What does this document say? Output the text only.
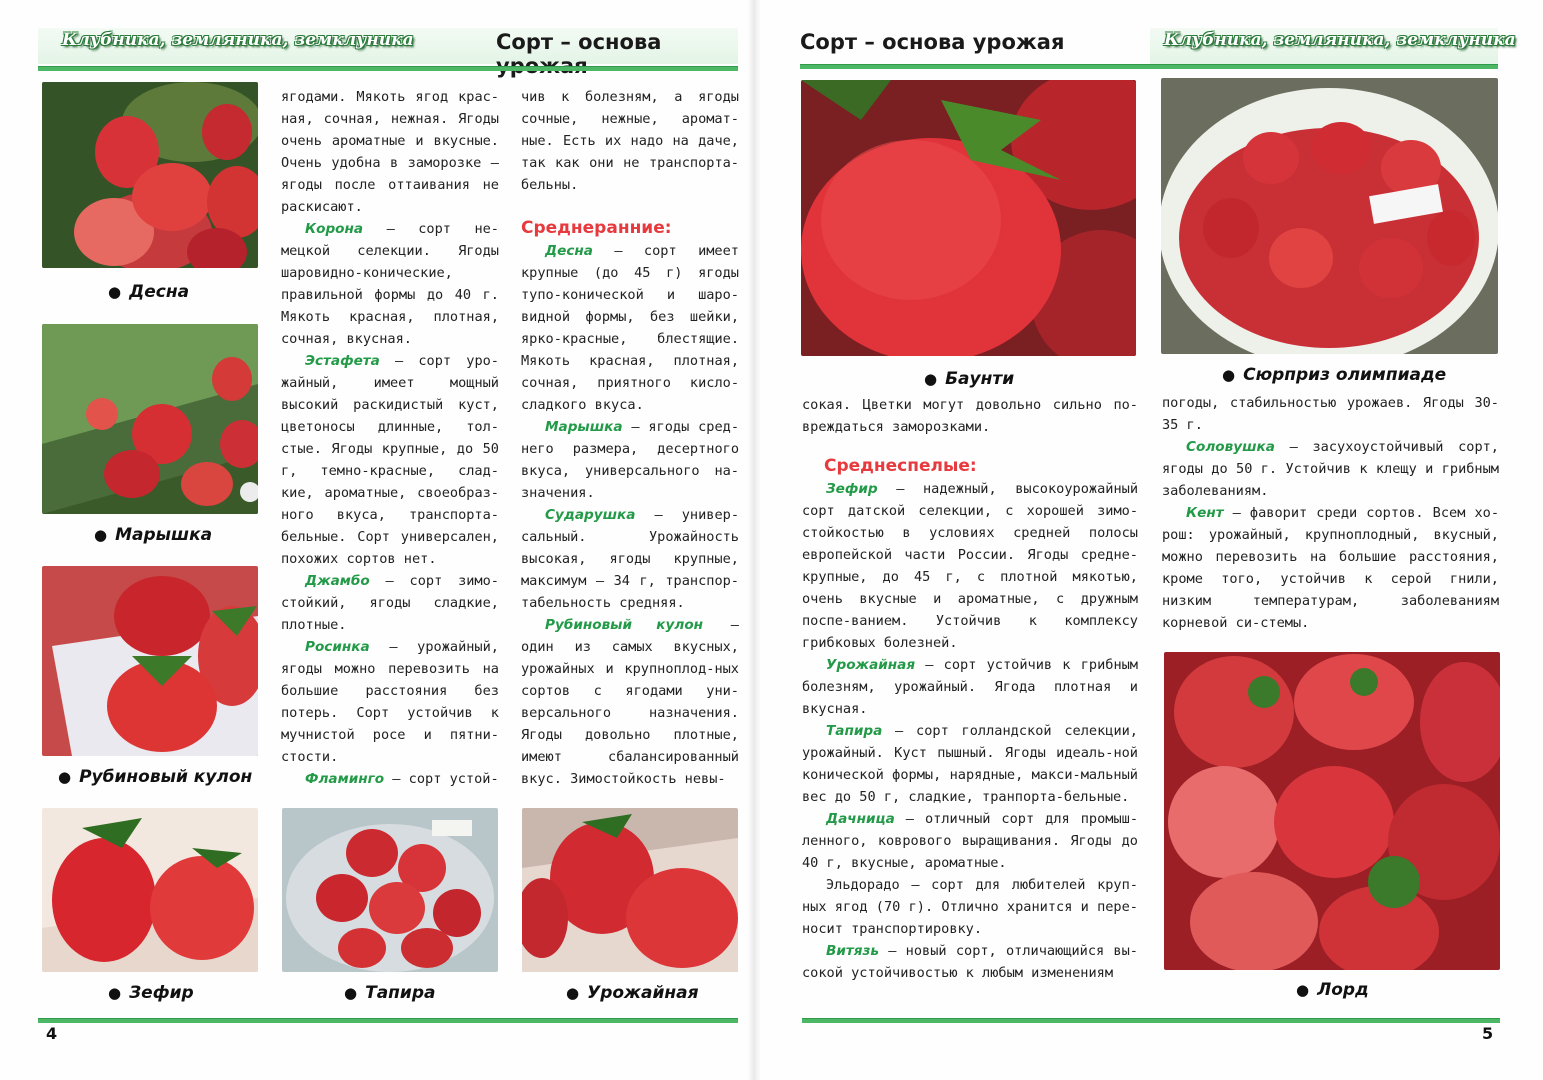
Клубника, земляника, земклуника	Сорт – основа
● Десна
● Марышка
● Рубиновый кулон
● Зефир	● Тапира	● Урожайная

ягодами. Мякоть ягод крас-ная, сочная, нежная. Ягоды очень ароматные и вкусные. Очень удобна в заморозке – ягоды после оттаивания не раскисают.

Корона – сорт не-мецкой селекции. Ягоды шаровидно-конические, правильной формы до 40 г. Мякоть красная, плотная, сочная, вкусная.

Эстафета – сорт уро-жайный, имеет мощный высокий раскидистый куст, цветоносы длинные, тол-стые. Ягоды крупные, до 50 г, темно-красные, слад-кие, ароматные, своеобраз-ного вкуса, транспорта-бельные. Сорт универсален, похожих сортов нет.

Джамбо – сорт зимо-стойкий, ягоды сладкие, плотные.

Росинка – урожайный, ягоды можно перевозить на большие расстояния без потерь. Сорт устойчив к мучнистой росе и пятни-стости.

Фламинго – сорт устой-

чив к болезням, а ягоды сочные, нежные, аромат-ные. Есть их надо на даче, так как они не транспорта-бельны.

Среднеранние:

Десна – сорт имеет крупные (до 45 г) ягоды тупо-конической и шаро-видной формы, без шейки, ярко-красные, блестящие. Мякоть красная, плотная, сочная, приятного кисло-сладкого вкуса.

Марышка – ягоды сред-него размера, десертного вкуса, универсального на-значения.

Сударушка – универ-сальный. Урожайность высокая, ягоды крупные, максимум – 34 г, транспор-табельность средняя.

Рубиновый кулон – один из самых вкусных, урожайных и крупноплод-ных сортов с ягодами уни-версального назначения. Ягоды довольно плотные, имеют сбалансированный вкус. Зимостойкость невы-

4
Сорт – основа урожая	Клубника, земляника, земклуника
● Баунти	● Сюрприз олимпиаде
● Лорд

сокая. Цветки могут довольно сильно по-вреждаться заморозками.

Среднеспелые:

Зефир – надежный, высокоурожайный сорт датской селекции, с хорошей зимо-стойкостью в условиях средней полосы европейской части России. Ягоды средне-крупные, до 45 г, с плотной мякотью, очень вкусные и ароматные, с дружным поспе-ванием. Устойчив к комплексу грибковых болезней.

Урожайная – сорт устойчив к грибным болезням, урожайный. Ягода плотная и вкусная.

Тапира – сорт голландской селекции, урожайный. Куст пышный. Ягоды идеаль-ной конической формы, нарядные, макси-мальный вес до 50 г, сладкие, транпорта-бельные.

Дачница – отличный сорт для промыш-ленного, коврового выращивания. Ягоды до 40 г, вкусные, ароматные.

Эльдорадо – сорт для любителей круп-ных ягод (70 г). Отлично хранится и пере-носит транспортировку.

Витязь – новый сорт, отличающийся вы-сокой устойчивостью к любым изменениям

погоды, стабильностью урожаев. Ягоды 30-35 г.

Соловушка – засухоустойчивый сорт, ягоды до 50 г. Устойчив к клещу и грибным заболеваниям.

Кент – фаворит среди сортов. Всем хо-рош: урожайный, крупноплодный, вкусный, можно перевозить на большие расстояния, кроме того, устойчив к серой гнили, низким температурам, заболеваниям корневой си-стемы.

5
